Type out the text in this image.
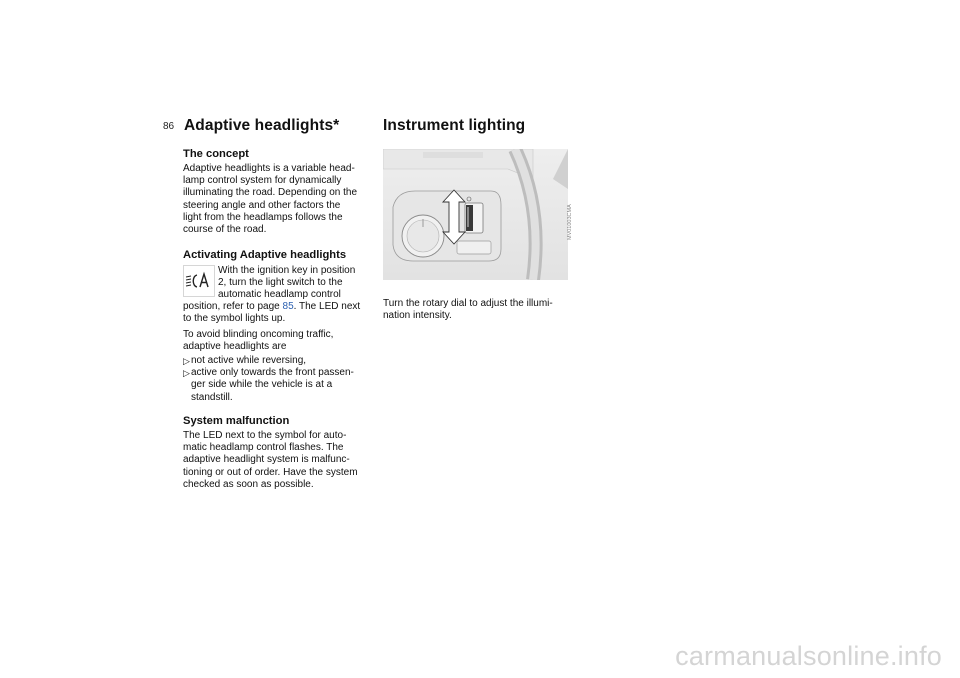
86 Adaptive headlights*
The concept
Adaptive headlights is a variable head-
lamp control system for dynamically
illuminating the road. Depending on the
steering angle and other factors the
light from the headlamps follows the
course of the road.
Activating Adaptive headlights
With the ignition key in position
2, turn the light switch to the
automatic headlamp control
position, refer to page 85. The LED next
to the symbol lights up.
To avoid blinding oncoming traffic,
adaptive headlights are
▷ not active while reversing,
▷ active only towards the front passen-
ger side while the vehicle is at a
standstill.
System malfunction
The LED next to the symbol for auto-
matic headlamp control flashes. The
adaptive headlight system is malfunc-
tioning or out of order. Have the system
checked as soon as possible.
Instrument lighting
MV01003CMA
Turn the rotary dial to adjust the illumi-
nation intensity.
carmanualsonline.info
